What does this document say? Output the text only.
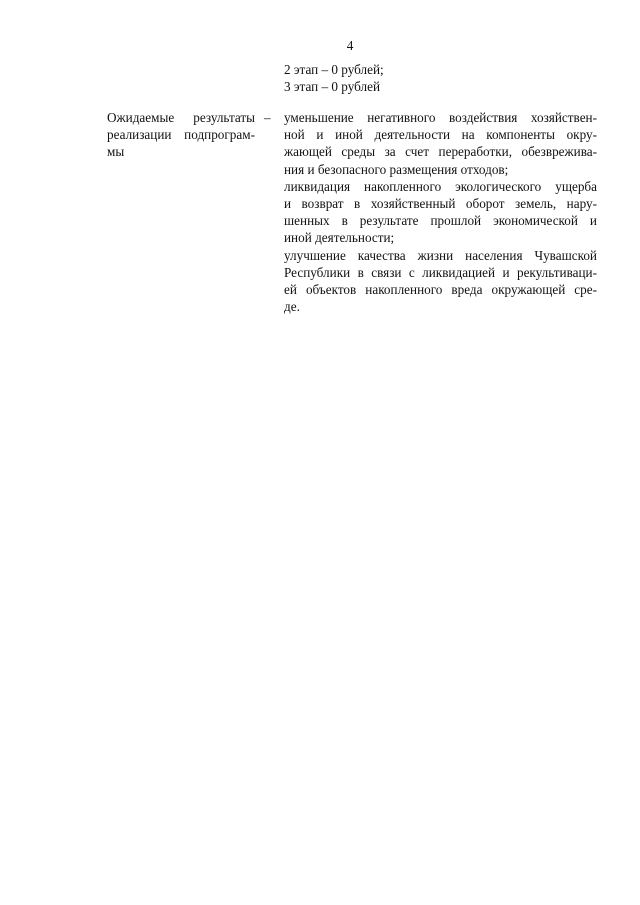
4
2 этап – 0 рублей;
3 этап – 0 рублей
Ожидаемые результаты
реализации подпрограм-
мы
– уменьшение негативного воздействия хозяйствен-
ной и иной деятельности на компоненты окру-
жающей среды за счет переработки, обезврежива-
ния и безопасного размещения отходов;
ликвидация накопленного экологического ущерба
и возврат в хозяйственный оборот земель, нару-
шенных в результате прошлой экономической и
иной деятельности;
улучшение качества жизни населения Чувашской
Республики в связи с ликвидацией и рекультиваци-
ей объектов накопленного вреда окружающей сре-
де.
